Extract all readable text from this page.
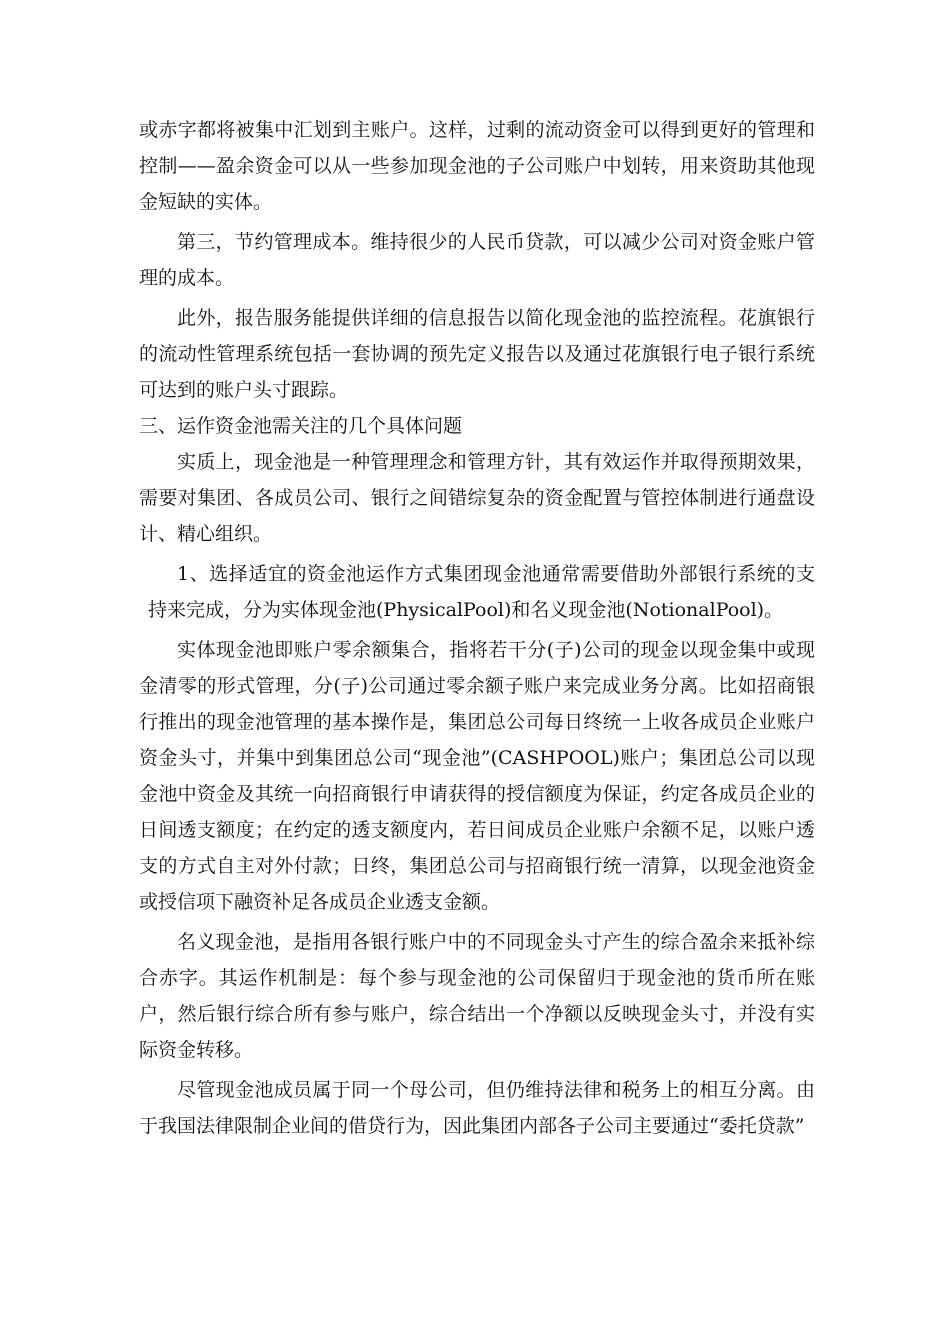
或赤字都将被集中汇划到主账户。这样，过剩的流动资金可以得到更好的管理和控制——盈余资金可以从一些参加现金池的子公司账户中划转，用来资助其他现金短缺的实体。

第三，节约管理成本。维持很少的人民币贷款，可以减少公司对资金账户管理的成本。

此外，报告服务能提供详细的信息报告以简化现金池的监控流程。花旗银行的流动性管理系统包括一套协调的预先定义报告以及通过花旗银行电子银行系统可达到的账户头寸跟踪。

三、运作资金池需关注的几个具体问题

实质上，现金池是一种管理理念和管理方针，其有效运作并取得预期效果，需要对集团、各成员公司、银行之间错综复杂的资金配置与管控体制进行通盘设计、精心组织。

1、选择适宜的资金池运作方式集团现金池通常需要借助外部银行系统的支持来完成，分为实体现金池(PhysicalPool)和名义现金池(NotionalPool)。

实体现金池即账户零余额集合，指将若干分(子)公司的现金以现金集中或现金清零的形式管理，分(子)公司通过零余额子账户来完成业务分离。比如招商银行推出的现金池管理的基本操作是，集团总公司每日终统一上收各成员企业账户资金头寸，并集中到集团总公司“现金池”(CASHPOOL)账户；集团总公司以现金池中资金及其统一向招商银行申请获得的授信额度为保证，约定各成员企业的日间透支额度；在约定的透支额度内，若日间成员企业账户余额不足，以账户透支的方式自主对外付款；日终，集团总公司与招商银行统一清算，以现金池资金或授信项下融资补足各成员企业透支金额。

名义现金池，是指用各银行账户中的不同现金头寸产生的综合盈余来抵补综合赤字。其运作机制是：每个参与现金池的公司保留归于现金池的货币所在账户，然后银行综合所有参与账户，综合结出一个净额以反映现金头寸，并没有实际资金转移。

尽管现金池成员属于同一个母公司，但仍维持法律和税务上的相互分离。由于我国法律限制企业间的借贷行为，因此集团内部各子公司主要通过“委托贷款”
